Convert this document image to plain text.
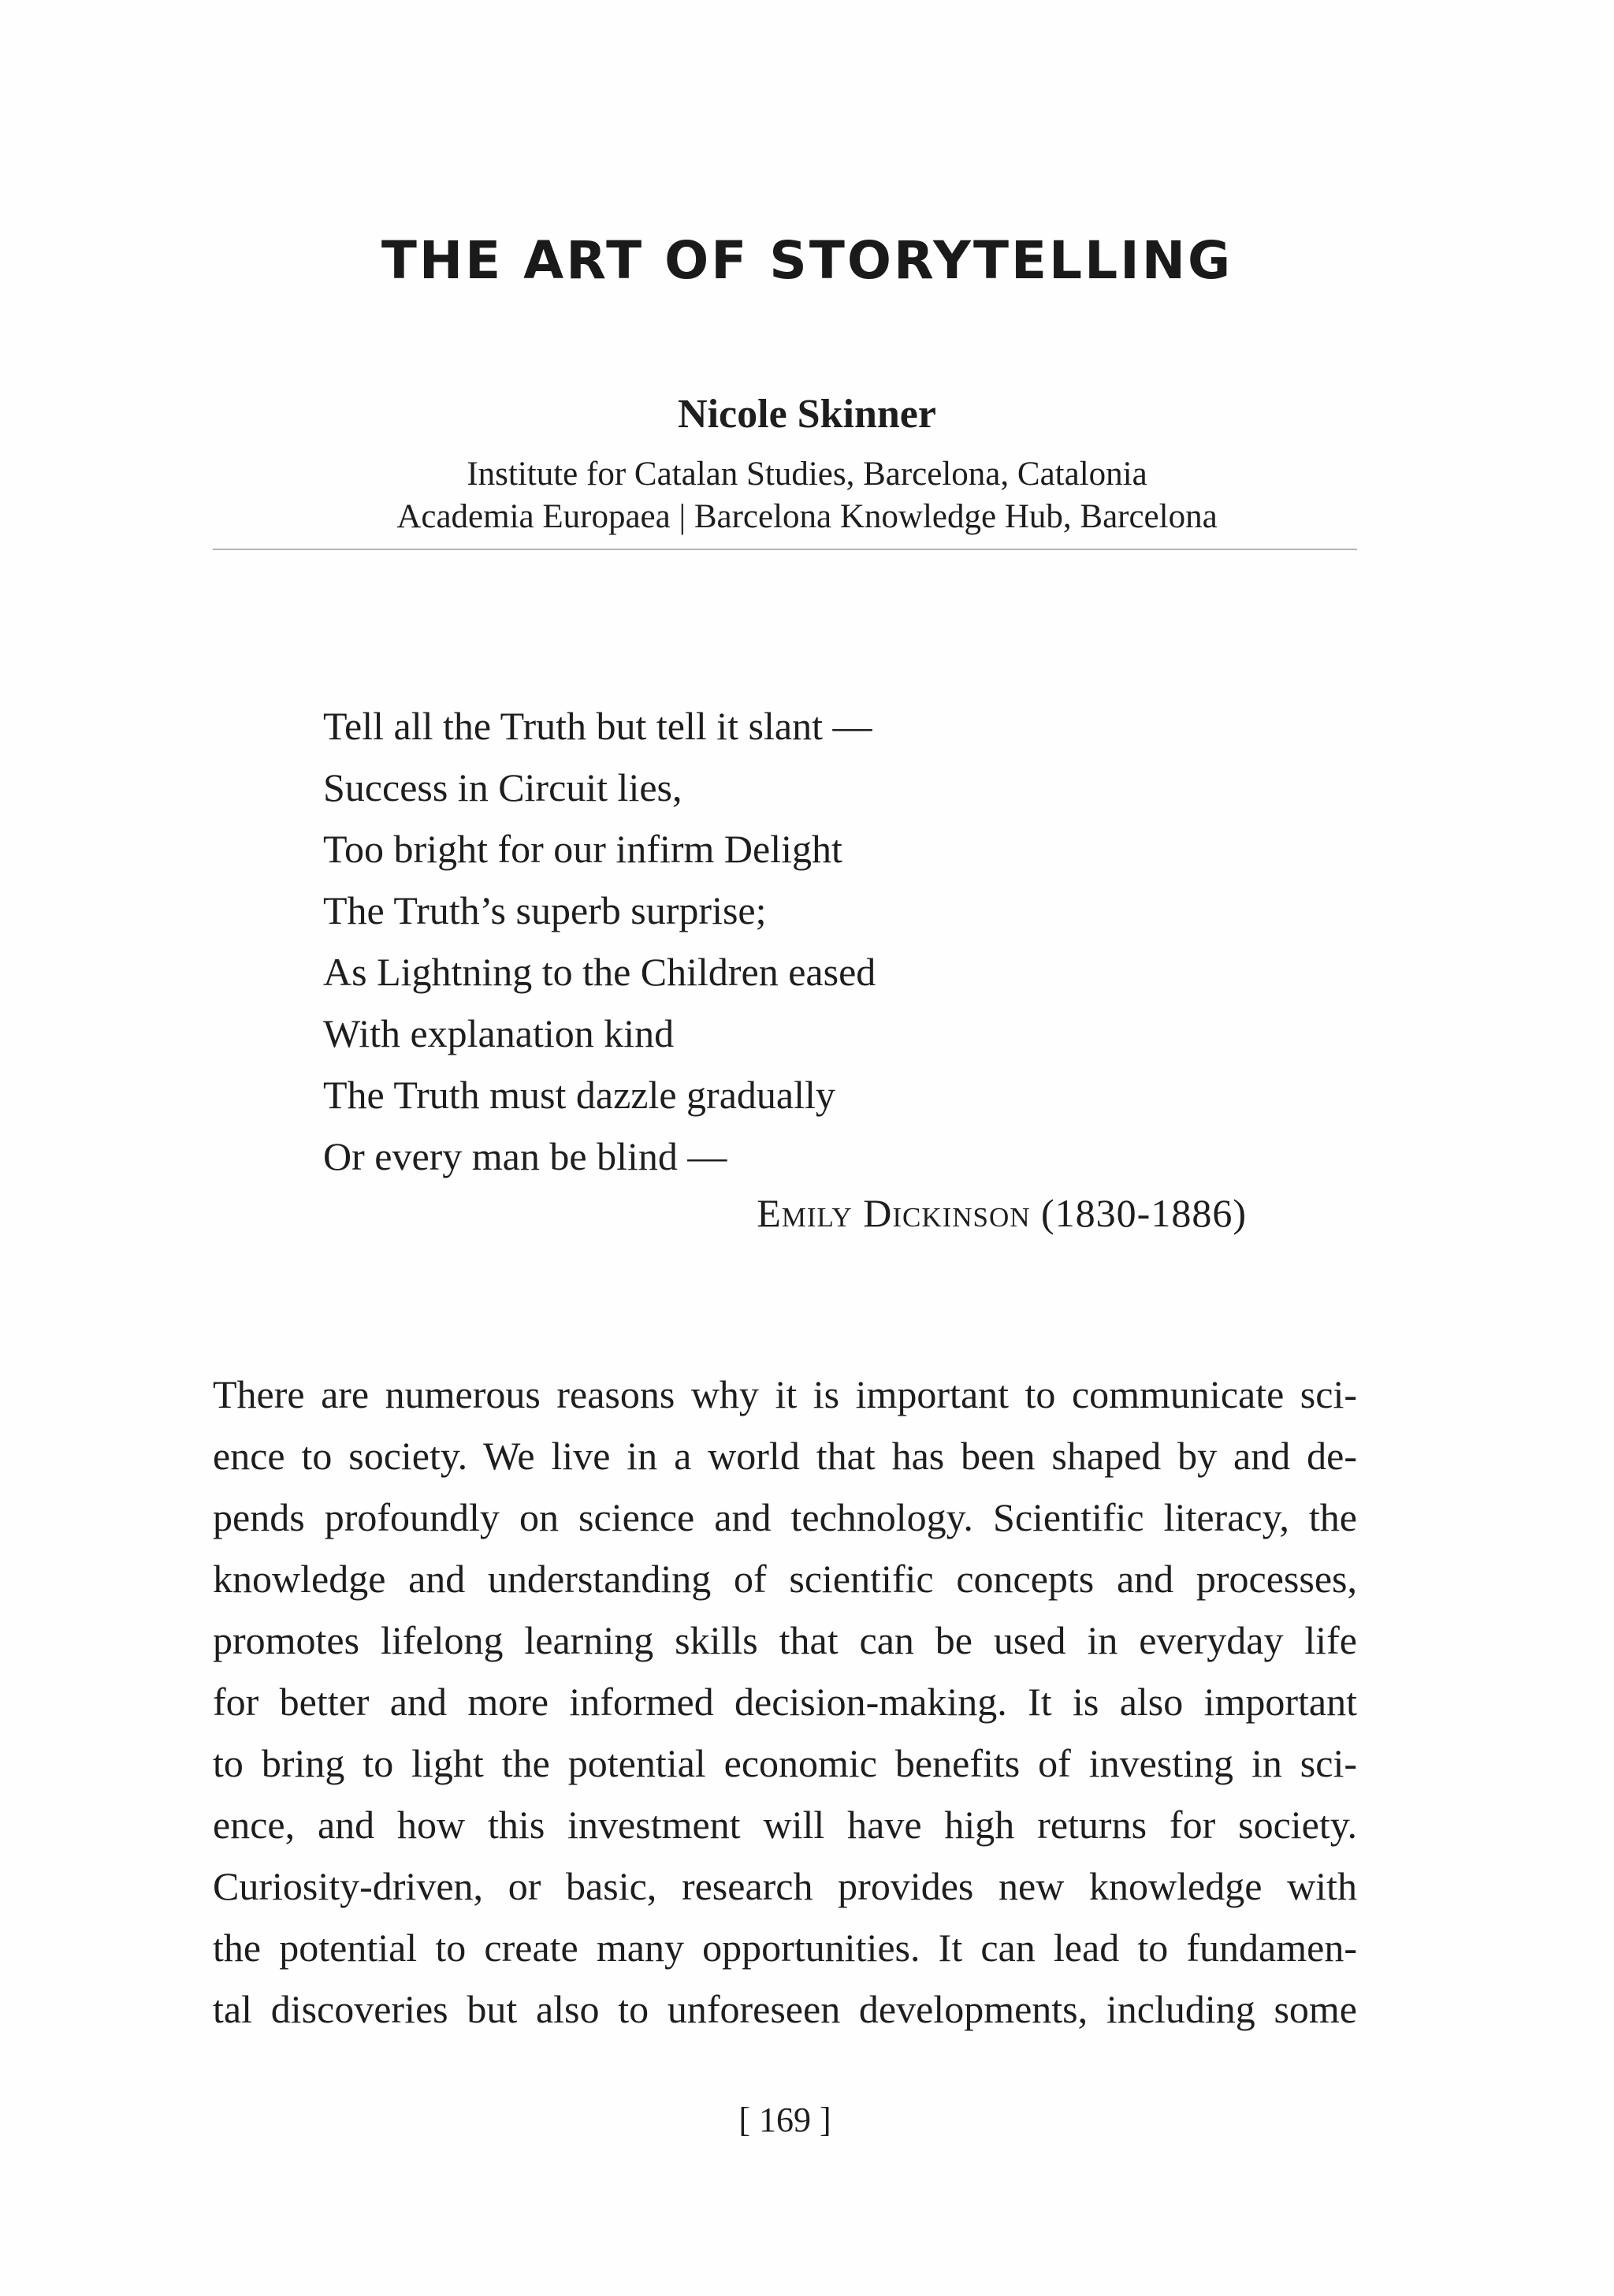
THE ART OF STORYTELLING
Nicole Skinner
Institute for Catalan Studies, Barcelona, Catalonia
Academia Europaea | Barcelona Knowledge Hub, Barcelona
Tell all the Truth but tell it slant —
Success in Circuit lies,
Too bright for our infirm Delight
The Truth’s superb surprise;
As Lightning to the Children eased
With explanation kind
The Truth must dazzle gradually
Or every man be blind —
Emily Dickinson (1830-1886)
There are numerous reasons why it is important to communicate sci-
ence to society. We live in a world that has been shaped by and de-
pends profoundly on science and technology. Scientific literacy, the
knowledge and understanding of scientific concepts and processes,
promotes lifelong learning skills that can be used in everyday life
for better and more informed decision-making. It is also important
to bring to light the potential economic benefits of investing in sci-
ence, and how this investment will have high returns for society.
Curiosity-driven, or basic, research provides new knowledge with
the potential to create many opportunities. It can lead to fundamen-
tal discoveries but also to unforeseen developments, including some
[ 169 ]
